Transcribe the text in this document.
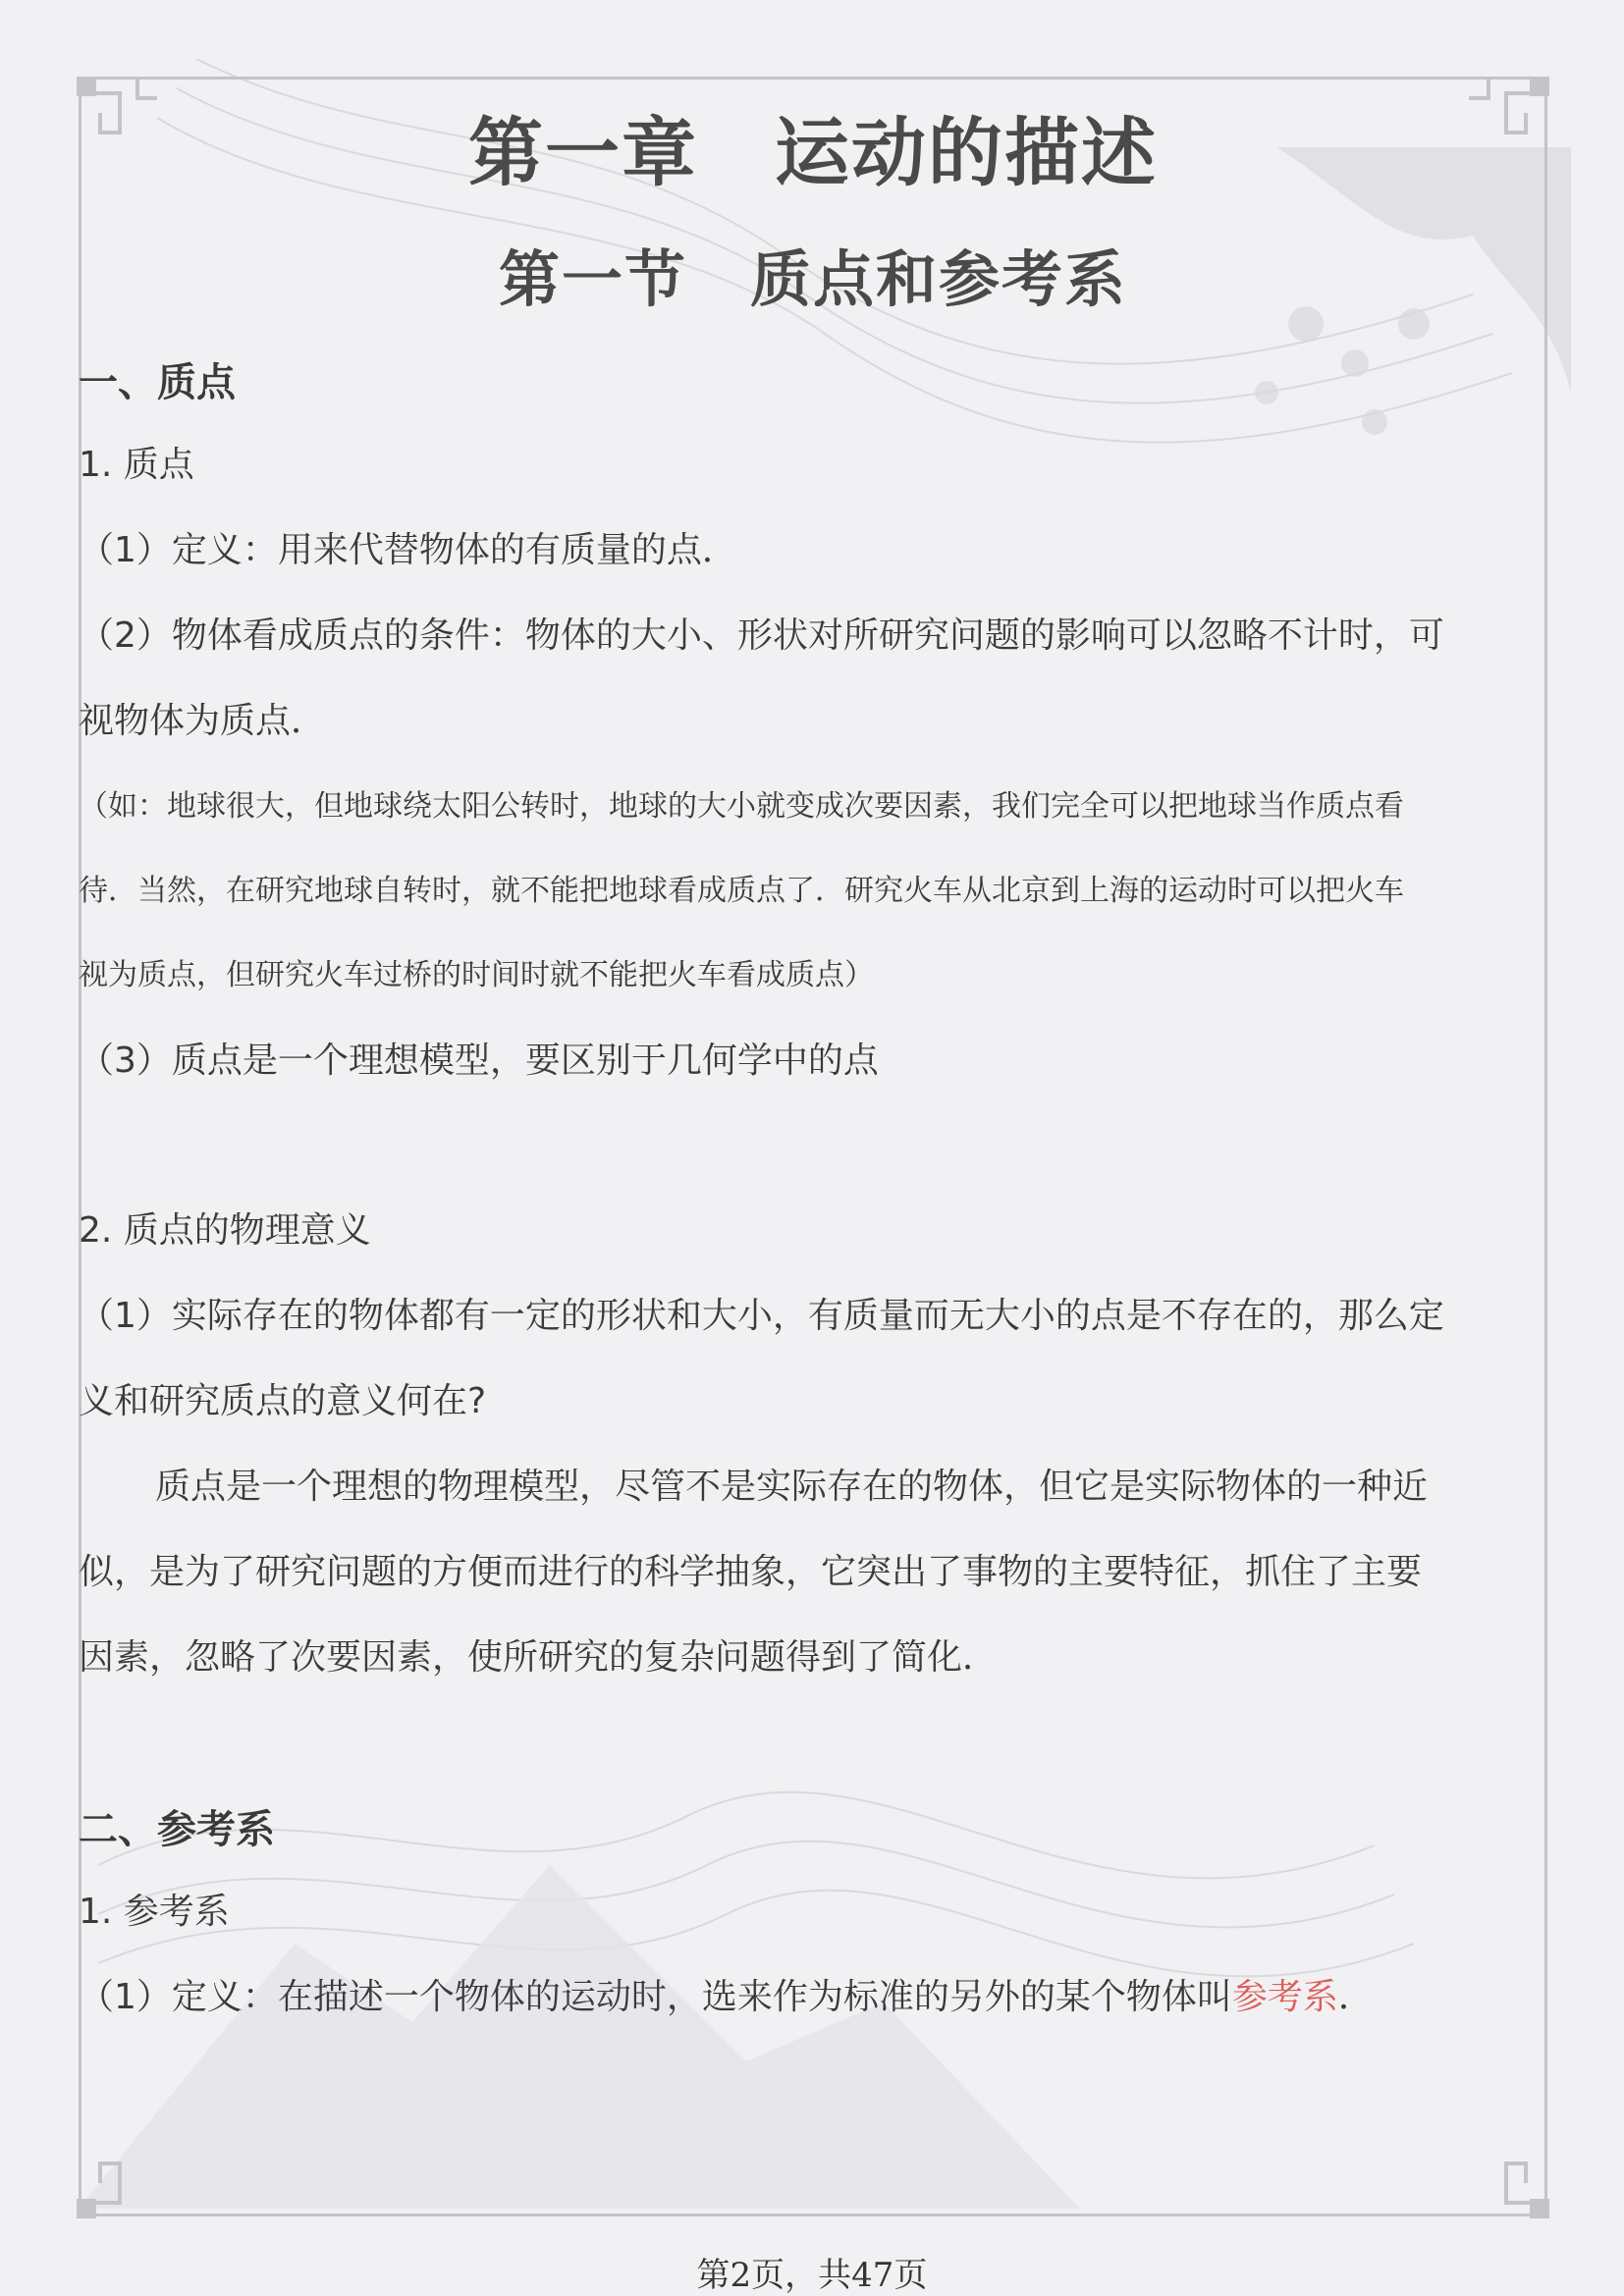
第一章　运动的描述
第一节　质点和参考系
一、质点
1. 质点
（1）定义：用来代替物体的有质量的点．
（2）物体看成质点的条件：物体的大小、形状对所研究问题的影响可以忽略不计时，可
视物体为质点．
（如：地球很大，但地球绕太阳公转时，地球的大小就变成次要因素，我们完全可以把地球当作质点看
待．当然，在研究地球自转时，就不能把地球看成质点了．研究火车从北京到上海的运动时可以把火车
视为质点，但研究火车过桥的时间时就不能把火车看成质点）
（3）质点是一个理想模型，要区别于几何学中的点
2. 质点的物理意义
（1）实际存在的物体都有一定的形状和大小，有质量而无大小的点是不存在的，那么定
义和研究质点的意义何在?
质点是一个理想的物理模型，尽管不是实际存在的物体，但它是实际物体的一种近
似，是为了研究问题的方便而进行的科学抽象，它突出了事物的主要特征，抓住了主要
因素，忽略了次要因素，使所研究的复杂问题得到了简化．
二、参考系
1. 参考系
（1）定义：在描述一个物体的运动时，选来作为标准的另外的某个物体叫参考系．
第2页，共47页
